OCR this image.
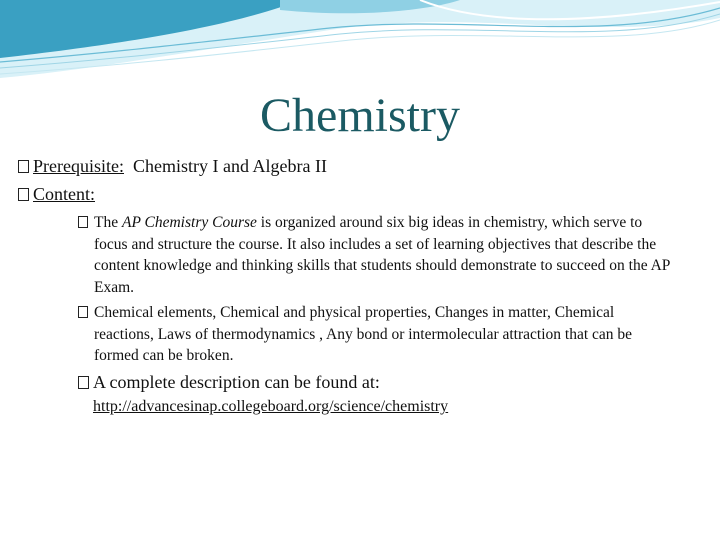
Chemistry
Prerequisite: Chemistry I and Algebra II
Content:
The AP Chemistry Course is organized around six big ideas in chemistry, which serve to focus and structure the course. It also includes a set of learning objectives that describe the content knowledge and thinking skills that students should demonstrate to succeed on the AP Exam.
Chemical elements, Chemical and physical properties, Changes in matter, Chemical reactions, Laws of thermodynamics , Any bond or intermolecular attraction that can be formed can be broken.
A complete description can be found at:
http://advancesinap.collegeboard.org/science/chemistry
